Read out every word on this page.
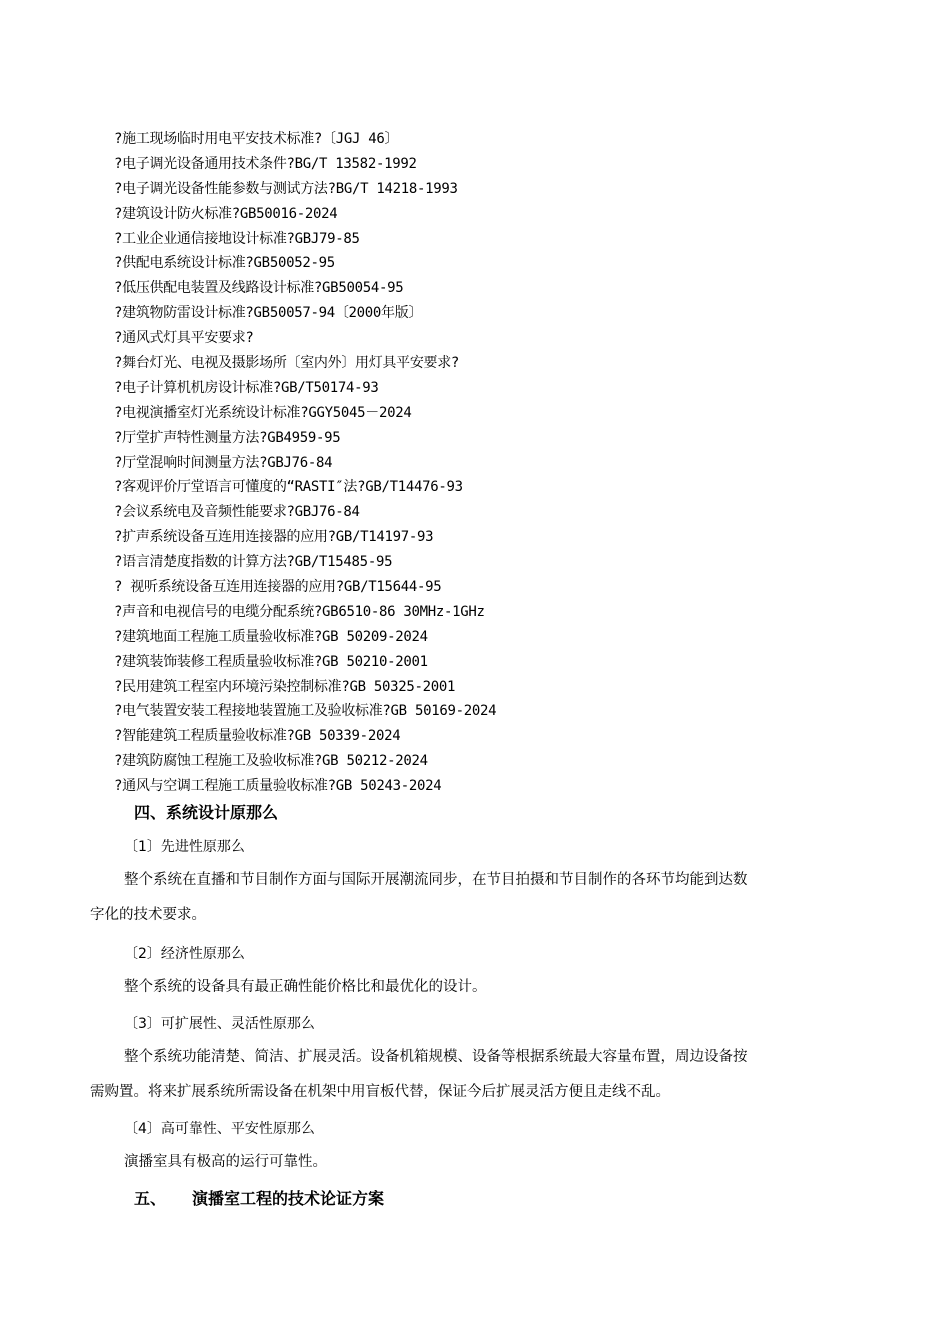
?施工现场临时用电平安技术标准?〔JGJ 46〕
?电子调光设备通用技术条件?BG/T 13582-1992
?电子调光设备性能参数与测试方法?BG/T 14218-1993
?建筑设计防火标准?GB50016-2024
?工业企业通信接地设计标准?GBJ79-85
?供配电系统设计标准?GB50052-95
?低压供配电装置及线路设计标准?GB50054-95
?建筑物防雷设计标准?GB50057-94〔2000年版〕
?通风式灯具平安要求?
?舞台灯光、电视及摄影场所〔室内外〕用灯具平安要求?
?电子计算机机房设计标准?GB/T50174-93
?电视演播室灯光系统设计标准?GGY5045－2024
?厅堂扩声特性测量方法?GB4959-95
?厅堂混响时间测量方法?GBJ76-84
?客观评价厅堂语言可懂度的“RASTI″法?GB/T14476-93
?会议系统电及音频性能要求?GBJ76-84
?扩声系统设备互连用连接器的应用?GB/T14197-93
?语言清楚度指数的计算方法?GB/T15485-95
? 视听系统设备互连用连接器的应用?GB/T15644-95
?声音和电视信号的电缆分配系统?GB6510-86 30MHz-1GHz
?建筑地面工程施工质量验收标准?GB 50209-2024
?建筑装饰装修工程质量验收标准?GB 50210-2001
?民用建筑工程室内环境污染控制标准?GB 50325-2001
?电气装置安装工程接地装置施工及验收标准?GB 50169-2024
?智能建筑工程质量验收标准?GB 50339-2024
?建筑防腐蚀工程施工及验收标准?GB 50212-2024
?通风与空调工程施工质量验收标准?GB 50243-2024
四、系统设计原那么
〔1〕先进性原那么
整个系统在直播和节目制作方面与国际开展潮流同步，在节目拍摄和节目制作的各环节均能到达数
字化的技术要求。
〔2〕经济性原那么
整个系统的设备具有最正确性能价格比和最优化的设计。
〔3〕可扩展性、灵活性原那么
整个系统功能清楚、简洁、扩展灵活。设备机箱规模、设备等根据系统最大容量布置，周边设备按
需购置。将来扩展系统所需设备在机架中用盲板代替，保证今后扩展灵活方便且走线不乱。
〔4〕高可靠性、平安性原那么
演播室具有极高的运行可靠性。
五、 演播室工程的技术论证方案
